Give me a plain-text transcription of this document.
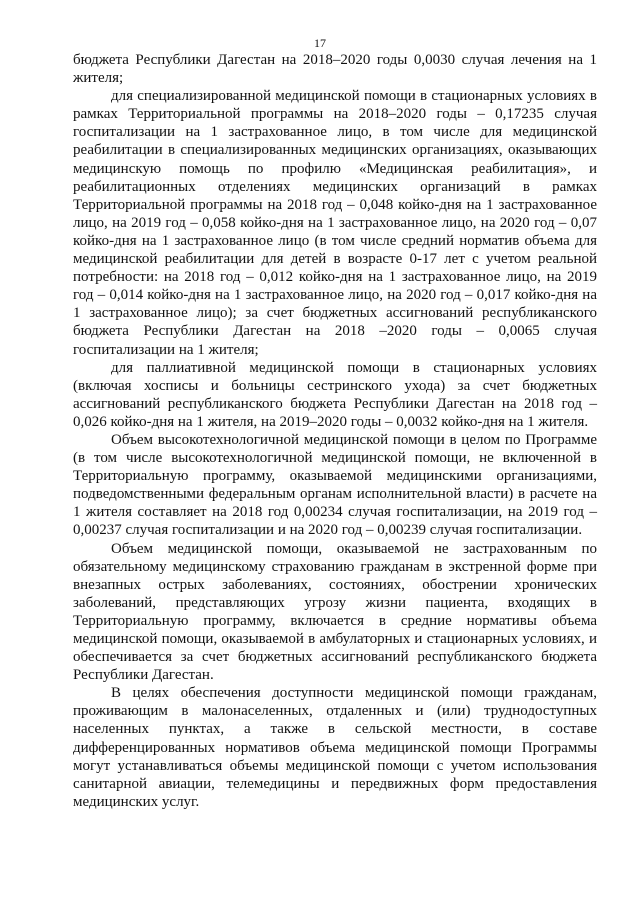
17

бюджета Республики Дагестан на 2018–2020 годы 0,0030 случая лечения на 1 жителя;

для специализированной медицинской помощи в стационарных условиях в рамках Территориальной программы на 2018–2020 годы – 0,17235 случая госпитализации на 1 застрахованное лицо, в том числе для медицинской реабилитации в специализированных медицинских организациях, оказывающих медицинскую помощь по профилю «Медицинская реабилитация», и реабилитационных отделениях медицинских организаций в рамках Территориальной программы на 2018 год – 0,048 койко-дня на 1 застрахованное лицо, на 2019 год – 0,058 койко-дня на 1 застрахованное лицо, на 2020 год – 0,07 койко-дня на 1 застрахованное лицо (в том числе средний норматив объема для медицинской реабилитации для детей в возрасте 0-17 лет с учетом реальной потребности: на 2018 год – 0,012 койко-дня на 1 застрахованное лицо, на 2019 год – 0,014 койко-дня на 1 застрахованное лицо, на 2020 год – 0,017 койко-дня на 1 застрахованное лицо); за счет бюджетных ассигнований республиканского бюджета Республики Дагестан на 2018 –2020 годы – 0,0065 случая госпитализации на 1 жителя;

для паллиативной медицинской помощи в стационарных условиях (включая хосписы и больницы сестринского ухода) за счет бюджетных ассигнований республиканского бюджета Республики Дагестан на 2018 год – 0,026 койко-дня на 1 жителя, на 2019–2020 годы – 0,0032 койко-дня на 1 жителя.

Объем высокотехнологичной медицинской помощи в целом по Программе (в том числе высокотехнологичной медицинской помощи, не включенной в Территориальную программу, оказываемой медицинскими организациями, подведомственными федеральным органам исполнительной власти) в расчете на 1 жителя составляет на 2018 год 0,00234 случая госпитализации, на 2019 год – 0,00237 случая госпитализации и на 2020 год – 0,00239 случая госпитализации.

Объем медицинской помощи, оказываемой не застрахованным по обязательному медицинскому страхованию гражданам в экстренной форме при внезапных острых заболеваниях, состояниях, обострении хронических заболеваний, представляющих угрозу жизни пациента, входящих в Территориальную программу, включается в средние нормативы объема медицинской помощи, оказываемой в амбулаторных и стационарных условиях, и обеспечивается за счет бюджетных ассигнований республиканского бюджета Республики Дагестан.

В целях обеспечения доступности медицинской помощи гражданам, проживающим в малонаселенных, отдаленных и (или) труднодоступных населенных пунктах, а также в сельской местности, в составе дифференцированных нормативов объема медицинской помощи Программы могут устанавливаться объемы медицинской помощи с учетом использования санитарной авиации, телемедицины и передвижных форм предоставления медицинских услуг.
